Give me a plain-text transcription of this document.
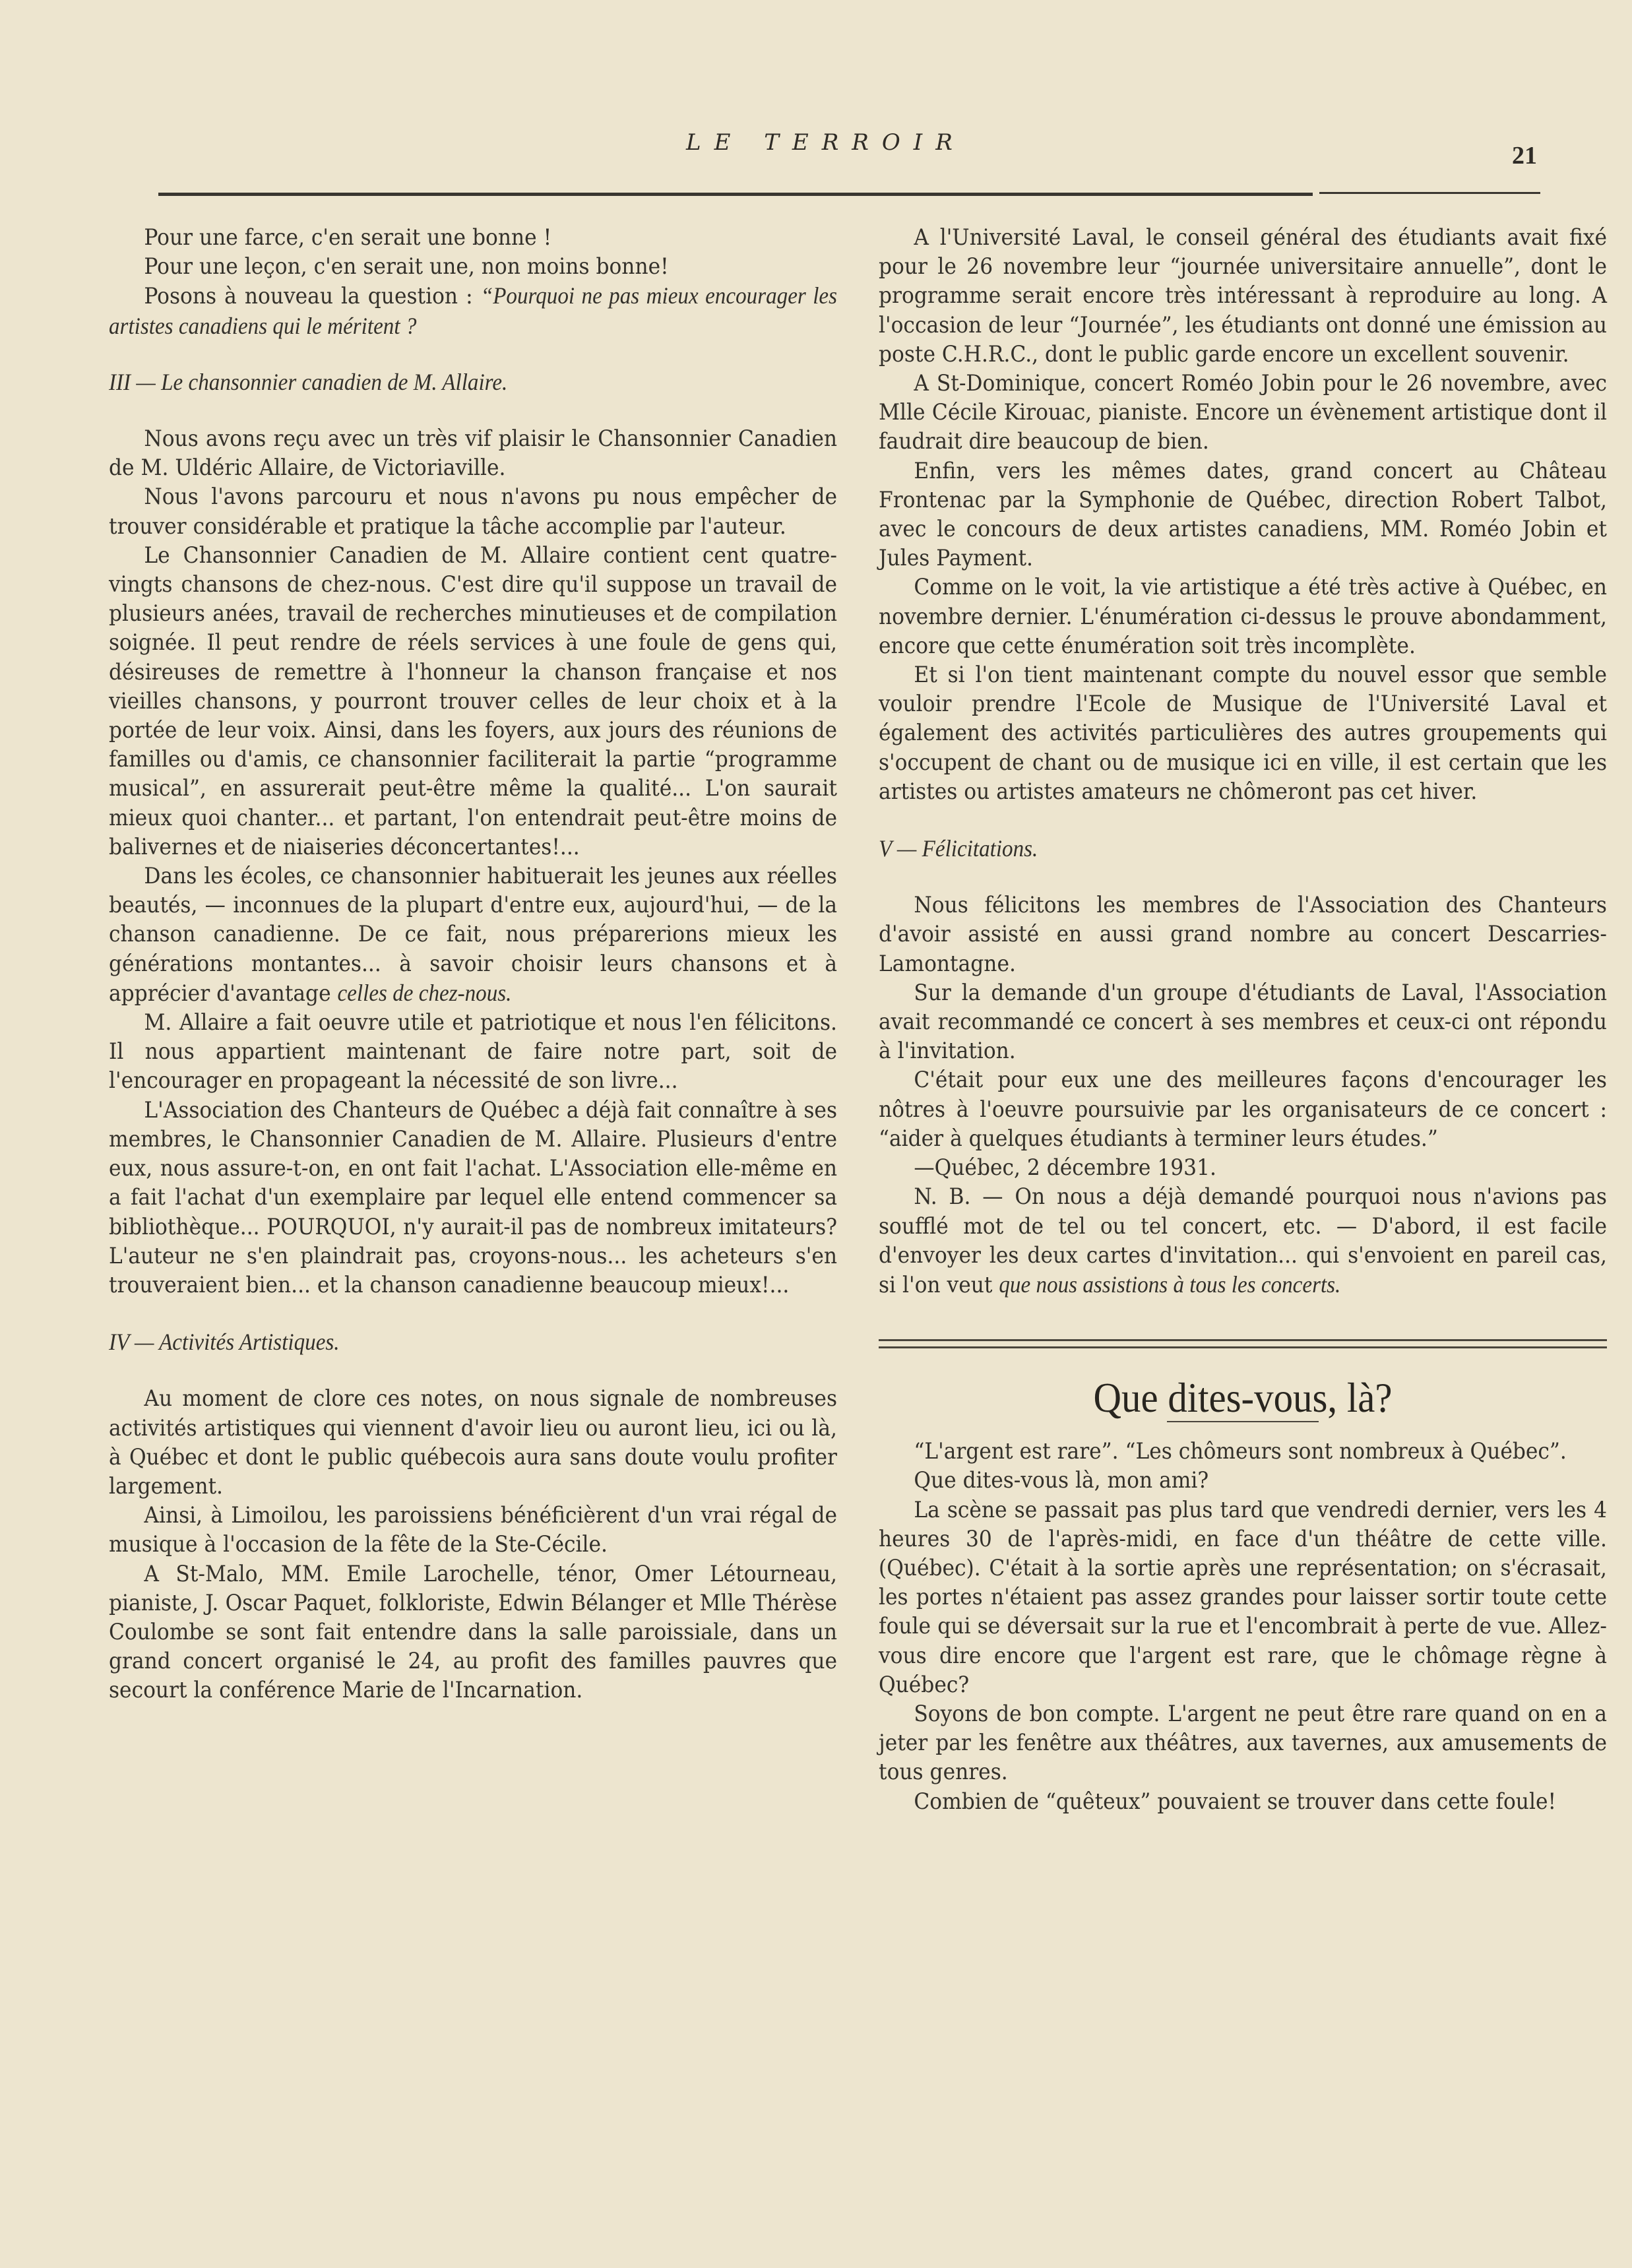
LE TERROIR	21

Pour une farce, c'en serait une bonne !

Pour une leçon, c'en serait une, non moins bonne!

Posons à nouveau la question : “Pourquoi ne pas mieux encourager les artistes canadiens qui le méritent ?

III — Le chansonnier canadien de M. Allaire.

Nous avons reçu avec un très vif plaisir le Chansonnier Canadien de M. Uldéric Allaire, de Victoriaville.

Nous l'avons parcouru et nous n'avons pu nous empêcher de trouver considérable et pratique la tâche accomplie par l'auteur.

Le Chansonnier Canadien de M. Allaire contient cent quatre-vingts chansons de chez-nous. C'est dire qu'il suppose un travail de plusieurs anées, travail de recherches minutieuses et de compilation soignée. Il peut rendre de réels services à une foule de gens qui, désireuses de remettre à l'honneur la chanson française et nos vieilles chansons, y pourront trouver celles de leur choix et à la portée de leur voix. Ainsi, dans les foyers, aux jours des réunions de familles ou d'amis, ce chansonnier faciliterait la partie “programme musical”, en assurerait peut-être même la qualité... L'on saurait mieux quoi chanter... et partant, l'on entendrait peut-être moins de balivernes et de niaiseries déconcertantes!...

Dans les écoles, ce chansonnier habituerait les jeunes aux réelles beautés, — inconnues de la plupart d'entre eux, aujourd'hui, — de la chanson canadienne. De ce fait, nous préparerions mieux les générations montantes... à savoir choisir leurs chansons et à apprécier d'avantage celles de chez-nous.

M. Allaire a fait oeuvre utile et patriotique et nous l'en félicitons. Il nous appartient maintenant de faire notre part, soit de l'encourager en propageant la nécessité de son livre...

L'Association des Chanteurs de Québec a déjà fait connaître à ses membres, le Chansonnier Canadien de M. Allaire. Plusieurs d'entre eux, nous assure-t-on, en ont fait l'achat. L'Association elle-même en a fait l'achat d'un exemplaire par lequel elle entend commencer sa bibliothèque... POURQUOI, n'y aurait-il pas de nombreux imitateurs? L'auteur ne s'en plaindrait pas, croyons-nous... les acheteurs s'en trouveraient bien... et la chanson canadienne beaucoup mieux!...

IV — Activités Artistiques.

Au moment de clore ces notes, on nous signale de nombreuses activités artistiques qui viennent d'avoir lieu ou auront lieu, ici ou là, à Québec et dont le public québecois aura sans doute voulu profiter largement.

Ainsi, à Limoilou, les paroissiens bénéficièrent d'un vrai régal de musique à l'occasion de la fête de la Ste-Cécile.

A St-Malo, MM. Emile Larochelle, ténor, Omer Létourneau, pianiste, J. Oscar Paquet, folkloriste, Edwin Bélanger et Mlle Thérèse Coulombe se sont fait entendre dans la salle paroissiale, dans un grand concert organisé le 24, au profit des familles pauvres que secourt la conférence Marie de l'Incarnation.

A l'Université Laval, le conseil général des étudiants avait fixé pour le 26 novembre leur “journée universitaire annuelle”, dont le programme serait encore très intéressant à reproduire au long. A l'occasion de leur “Journée”, les étudiants ont donné une émission au poste C.H.R.C., dont le public garde encore un excellent souvenir.

A St-Dominique, concert Roméo Jobin pour le 26 novembre, avec Mlle Cécile Kirouac, pianiste. Encore un évènement artistique dont il faudrait dire beaucoup de bien.

Enfin, vers les mêmes dates, grand concert au Château Frontenac par la Symphonie de Québec, direction Robert Talbot, avec le concours de deux artistes canadiens, MM. Roméo Jobin et Jules Payment.

Comme on le voit, la vie artistique a été très active à Québec, en novembre dernier. L'énumération ci-dessus le prouve abondamment, encore que cette énumération soit très incomplète.

Et si l'on tient maintenant compte du nouvel essor que semble vouloir prendre l'Ecole de Musique de l'Université Laval et également des activités particulières des autres groupements qui s'occupent de chant ou de musique ici en ville, il est certain que les artistes ou artistes amateurs ne chômeront pas cet hiver.

V — Félicitations.

Nous félicitons les membres de l'Association des Chanteurs d'avoir assisté en aussi grand nombre au concert Descarries-Lamontagne.

Sur la demande d'un groupe d'étudiants de Laval, l'Association avait recommandé ce concert à ses membres et ceux-ci ont répondu à l'invitation.

C'était pour eux une des meilleures façons d'encourager les nôtres à l'oeuvre poursuivie par les organisateurs de ce concert : “aider à quelques étudiants à terminer leurs études.”

—Québec, 2 décembre 1931.

N. B. — On nous a déjà demandé pourquoi nous n'avions pas soufflé mot de tel ou tel concert, etc. — D'abord, il est facile d'envoyer les deux cartes d'invitation... qui s'envoient en pareil cas, si l'on veut que nous assistions à tous les concerts.

Que dites-vous, là?

“L'argent est rare”. “Les chômeurs sont nombreux à Québec”.

Que dites-vous là, mon ami?

La scène se passait pas plus tard que vendredi dernier, vers les 4 heures 30 de l'après-midi, en face d'un théâtre de cette ville. (Québec). C'était à la sortie après une représentation; on s'écrasait, les portes n'étaient pas assez grandes pour laisser sortir toute cette foule qui se déversait sur la rue et l'encombrait à perte de vue. Allez-vous dire encore que l'argent est rare, que le chômage règne à Québec?

Soyons de bon compte. L'argent ne peut être rare quand on en a jeter par les fenêtre aux théâtres, aux tavernes, aux amusements de tous genres.

Combien de “quêteux” pouvaient se trouver dans cette foule!
